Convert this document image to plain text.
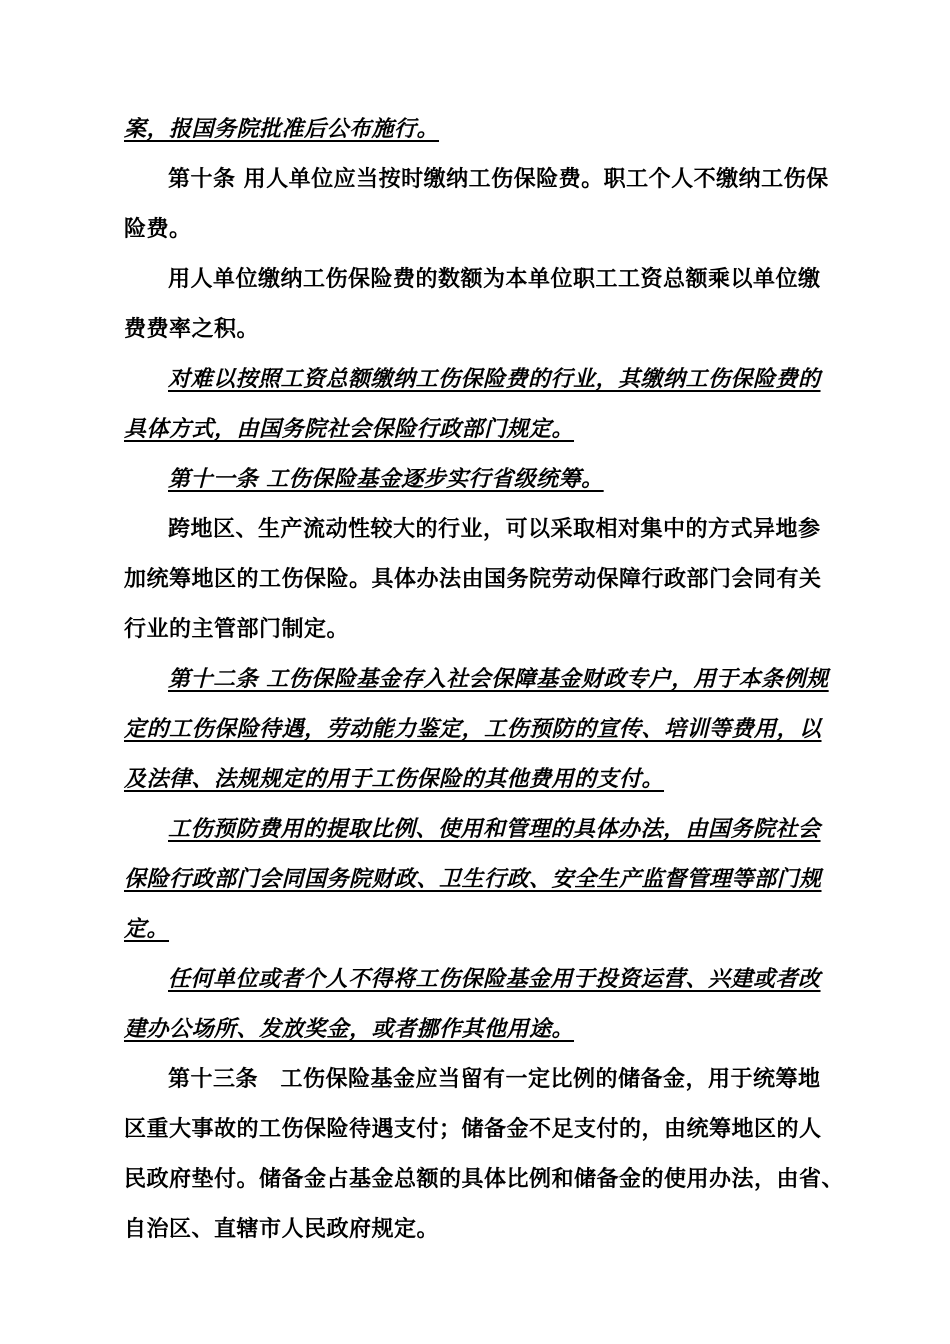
案，报国务院批准后公布施行。
第十条 用人单位应当按时缴纳工伤保险费。职工个人不缴纳工伤保
险费。
用人单位缴纳工伤保险费的数额为本单位职工工资总额乘以单位缴
费费率之积。
对难以按照工资总额缴纳工伤保险费的行业，其缴纳工伤保险费的
具体方式，由国务院社会保险行政部门规定。
第十一条 工伤保险基金逐步实行省级统筹。
跨地区、生产流动性较大的行业，可以采取相对集中的方式异地参
加统筹地区的工伤保险。具体办法由国务院劳动保障行政部门会同有关
行业的主管部门制定。
第十二条 工伤保险基金存入社会保障基金财政专户，用于本条例规
定的工伤保险待遇，劳动能力鉴定，工伤预防的宣传、培训等费用，以
及法律、法规规定的用于工伤保险的其他费用的支付。
工伤预防费用的提取比例、使用和管理的具体办法，由国务院社会
保险行政部门会同国务院财政、卫生行政、安全生产监督管理等部门规
定。
任何单位或者个人不得将工伤保险基金用于投资运营、兴建或者改
建办公场所、发放奖金，或者挪作其他用途。
第十三条　工伤保险基金应当留有一定比例的储备金，用于统筹地
区重大事故的工伤保险待遇支付；储备金不足支付的，由统筹地区的人
民政府垫付。储备金占基金总额的具体比例和储备金的使用办法，由省、
自治区、直辖市人民政府规定。
